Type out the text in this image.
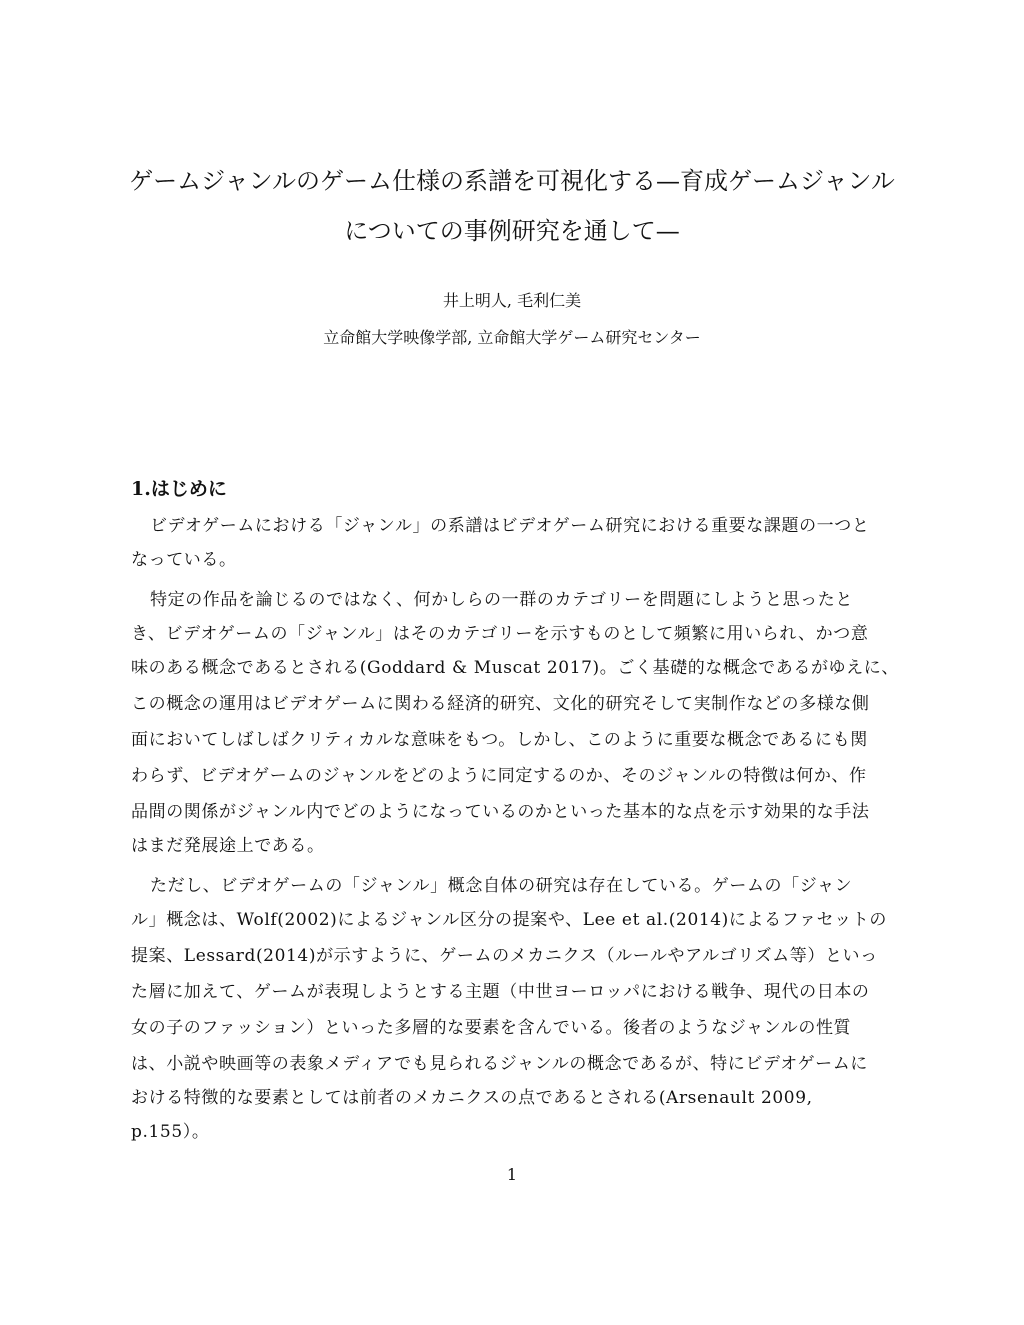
ゲームジャンルのゲーム仕様の系譜を可視化する—育成ゲームジャンル
についての事例研究を通して—
井上明人, 毛利仁美
立命館大学映像学部, 立命館大学ゲーム研究センター
1.はじめに
ビデオゲームにおける「ジャンル」の系譜はビデオゲーム研究における重要な課題の一つと
なっている。
特定の作品を論じるのではなく、何かしらの一群のカテゴリーを問題にしようと思ったと
き、ビデオゲームの「ジャンル」はそのカテゴリーを示すものとして頻繁に用いられ、かつ意
味のある概念であるとされる(Goddard & Muscat 2017)。ごく基礎的な概念であるがゆえに、
この概念の運用はビデオゲームに関わる経済的研究、文化的研究そして実制作などの多様な側
面においてしばしばクリティカルな意味をもつ。しかし、このように重要な概念であるにも関
わらず、ビデオゲームのジャンルをどのように同定するのか、そのジャンルの特徴は何か、作
品間の関係がジャンル内でどのようになっているのかといった基本的な点を示す効果的な手法
はまだ発展途上である。
ただし、ビデオゲームの「ジャンル」概念自体の研究は存在している。ゲームの「ジャン
ル」概念は、Wolf(2002)によるジャンル区分の提案や、Lee et al.(2014)によるファセットの
提案、Lessard(2014)が示すように、ゲームのメカニクス（ルールやアルゴリズム等）といっ
た層に加えて、ゲームが表現しようとする主題（中世ヨーロッパにおける戦争、現代の日本の
女の子のファッション）といった多層的な要素を含んでいる。後者のようなジャンルの性質
は、小説や映画等の表象メディアでも見られるジャンルの概念であるが、特にビデオゲームに
おける特徴的な要素としては前者のメカニクスの点であるとされる(Arsenault 2009,
p.155）。
1
